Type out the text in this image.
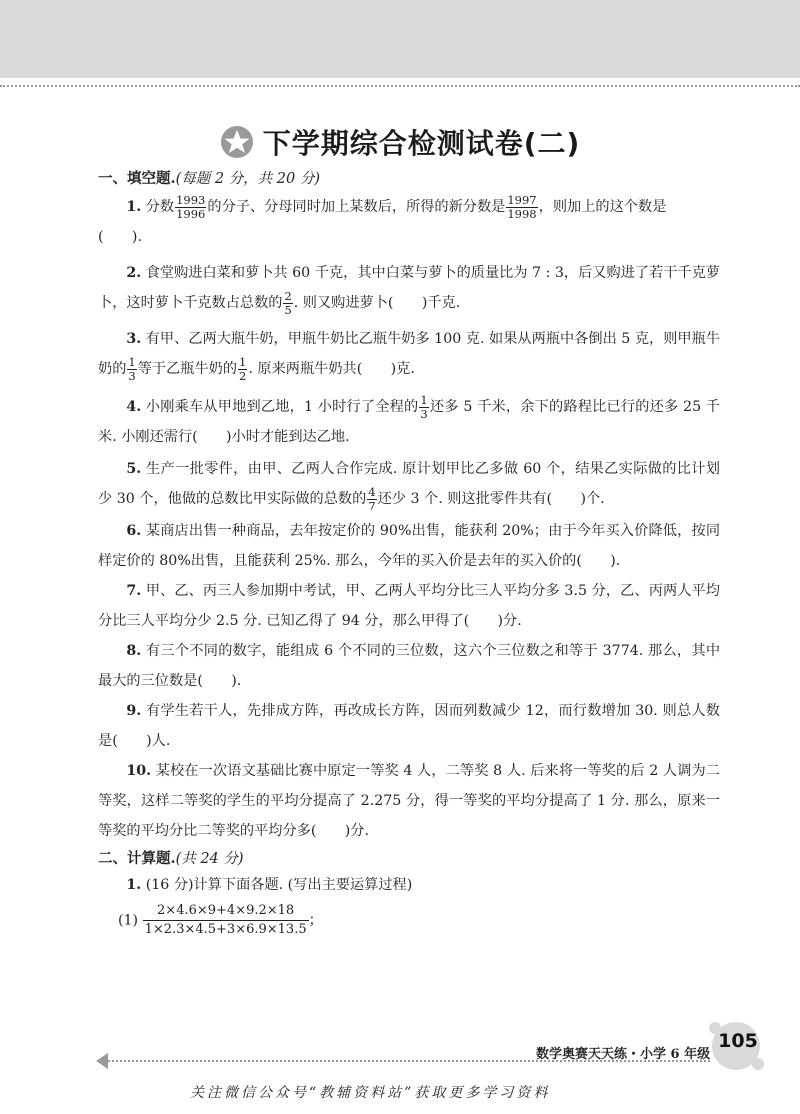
下学期综合检测试卷(二)
一、填空题.(每题 2 分，共 20 分)

1. 分数 $\frac{1993}{1996}$ 的分子、分母同时加上某数后，所得的新分数是 $\frac{1997}{1998}$ ，则加上的这个数是

(　　).

2. 食堂购进白菜和萝卜共 60 千克，其中白菜与萝卜的质量比为 7 : 3，后又购进了若干千克萝卜，这时萝卜千克数占总数的 $\frac{2}{5}$ . 则又购进萝卜(　　)千克.

3. 有甲、乙两大瓶牛奶，甲瓶牛奶比乙瓶牛奶多 100 克. 如果从两瓶中各倒出 5 克，则甲瓶牛奶的 $\frac{1}{3}$ 等于乙瓶牛奶的 $\frac{1}{2}$ . 原来两瓶牛奶共(　　)克.

4. 小刚乘车从甲地到乙地，1 小时行了全程的 $\frac{1}{3}$ 还多 5 千米，余下的路程比已行的还多 25 千米. 小刚还需行(　　)小时才能到达乙地.

5. 生产一批零件，由甲、乙两人合作完成. 原计划甲比乙多做 60 个，结果乙实际做的比计划少 30 个，他做的总数比甲实际做的总数的 $\frac{4}{7}$ 还少 3 个. 则这批零件共有(　　)个.

6. 某商店出售一种商品，去年按定价的 90%出售，能获利 20%；由于今年买入价降低，按同样定价的 80%出售，且能获利 25%. 那么，今年的买入价是去年的买入价的(　　).

7. 甲、乙、丙三人参加期中考试，甲、乙两人平均分比三人平均分多 3.5 分，乙、丙两人平均分比三人平均分少 2.5 分. 已知乙得了 94 分，那么甲得了(　　)分.

8. 有三个不同的数字，能组成 6 个不同的三位数，这六个三位数之和等于 3774. 那么，其中最大的三位数是(　　).

9. 有学生若干人，先排成方阵，再改成长方阵，因而列数减少 12，而行数增加 30. 则总人数是(　　)人.

10. 某校在一次语文基础比赛中原定一等奖 4 人，二等奖 8 人. 后来将一等奖的后 2 人调为二等奖，这样二等奖的学生的平均分提高了 2.275 分，得一等奖的平均分提高了 1 分. 那么，原来一等奖的平均分比二等奖的平均分多(　　)分.

二、计算题.(共 24 分)

1. (16 分)计算下面各题. (写出主要运算过程)

$(1) \frac{2\times 4.6\times 9+4\times 9.2\times 18}{1\times 2.3\times 4.5+3\times 6.9\times 13.5}$ ；
数学奥赛天天练・小学 6 年级
105
关注微信公众号“教辅资料站”获取更多学习资料
